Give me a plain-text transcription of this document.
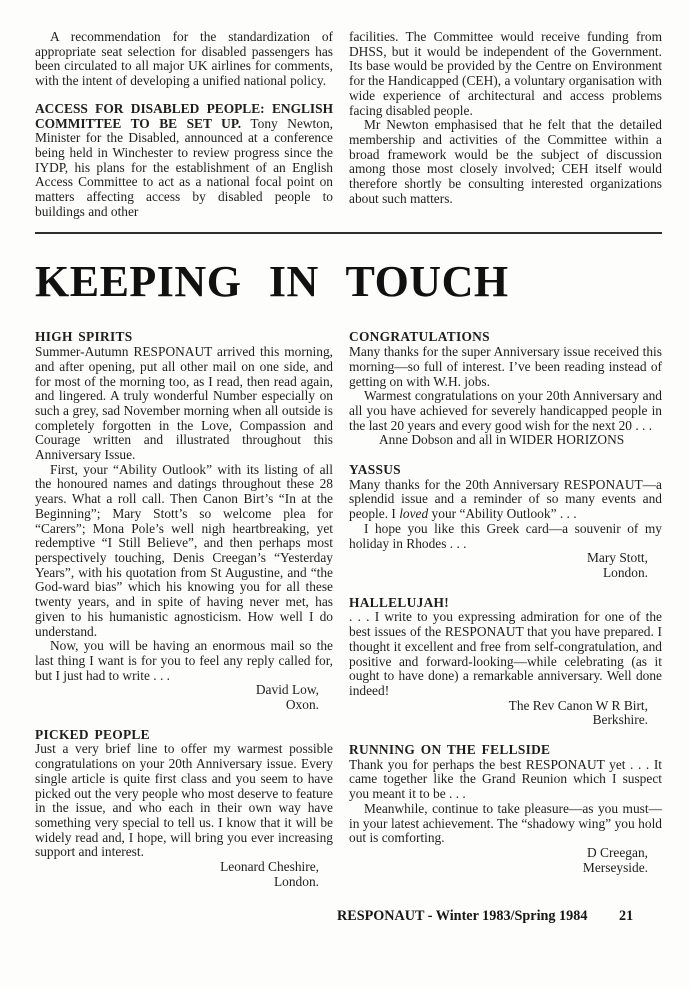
A recommendation for the standardization of appropriate seat selection for disabled passengers has been circulated to all major UK airlines for comments, with the intent of developing a unified national policy.

ACCESS FOR DISABLED PEOPLE: ENGLISH COMMITTEE TO BE SET UP. Tony Newton, Minister for the Disabled, announced at a conference being held in Winchester to review progress since the IYDP, his plans for the establishment of an English Access Committee to act as a national focal point on matters affecting access by disabled people to buildings and other

facilities. The Committee would receive funding from DHSS, but it would be independent of the Government. Its base would be provided by the Centre on Environment for the Handicapped (CEH), a voluntary organisation with wide experience of architectural and access problems facing disabled people.

Mr Newton emphasised that he felt that the detailed membership and activities of the Committee within a broad framework would be the subject of discussion among those most closely involved; CEH itself would therefore shortly be consulting interested organizations about such matters.

KEEPING IN TOUCH

HIGH SPIRITS

Summer-Autumn RESPONAUT arrived this morning, and after opening, put all other mail on one side, and for most of the morning too, as I read, then read again, and lingered. A truly wonderful Number especially on such a grey, sad November morning when all outside is completely forgotten in the Love, Compassion and Courage written and illustrated throughout this Anniversary Issue.

First, your “Ability Outlook” with its listing of all the honoured names and datings throughout these 28 years. What a roll call. Then Canon Birt’s “In at the Beginning”; Mary Stott’s so welcome plea for “Carers”; Mona Pole’s well nigh heartbreaking, yet redemptive “I Still Believe”, and then perhaps most perspectively touching, Denis Creegan’s “Yesterday Years”, with his quotation from St Augustine, and “the God-ward bias” which his knowing you for all these twenty years, and in spite of having never met, has given to his humanistic agnosticism. How well I do understand.

Now, you will be having an enormous mail so the last thing I want is for you to feel any reply called for, but I just had to write . . .

David Low,
Oxon.

PICKED PEOPLE

Just a very brief line to offer my warmest possible congratulations on your 20th Anniversary issue. Every single article is quite first class and you seem to have picked out the very people who most deserve to feature in the issue, and who each in their own way have something very special to tell us. I know that it will be widely read and, I hope, will bring you ever increasing support and interest.

Leonard Cheshire,
London.

CONGRATULATIONS

Many thanks for the super Anniversary issue received this morning—so full of interest. I’ve been reading instead of getting on with W.H. jobs.

Warmest congratulations on your 20th Anniversary and all you have achieved for severely handicapped people in the last 20 years and every good wish for the next 20 . . .

Anne Dobson and all in WIDER HORIZONS

YASSUS

Many thanks for the 20th Anniversary RESPONAUT—a splendid issue and a reminder of so many events and people. I loved your “Ability Outlook” . . .

I hope you like this Greek card—a souvenir of my holiday in Rhodes . . .

Mary Stott,
London.

HALLELUJAH!

. . . I write to you expressing admiration for one of the best issues of the RESPONAUT that you have prepared. I thought it excellent and free from self-congratulation, and positive and forward-looking—while celebrating (as it ought to have done) a remarkable anniversary. Well done indeed!

The Rev Canon W R Birt,
Berkshire.

RUNNING ON THE FELLSIDE

Thank you for perhaps the best RESPONAUT yet . . . It came together like the Grand Reunion which I suspect you meant it to be . . .

Meanwhile, continue to take pleasure—as you must—in your latest achievement. The “shadowy wing” you hold out is comforting.

D Creegan,
Merseyside.
RESPONAUT - Winter 1983/Spring 1984 21
